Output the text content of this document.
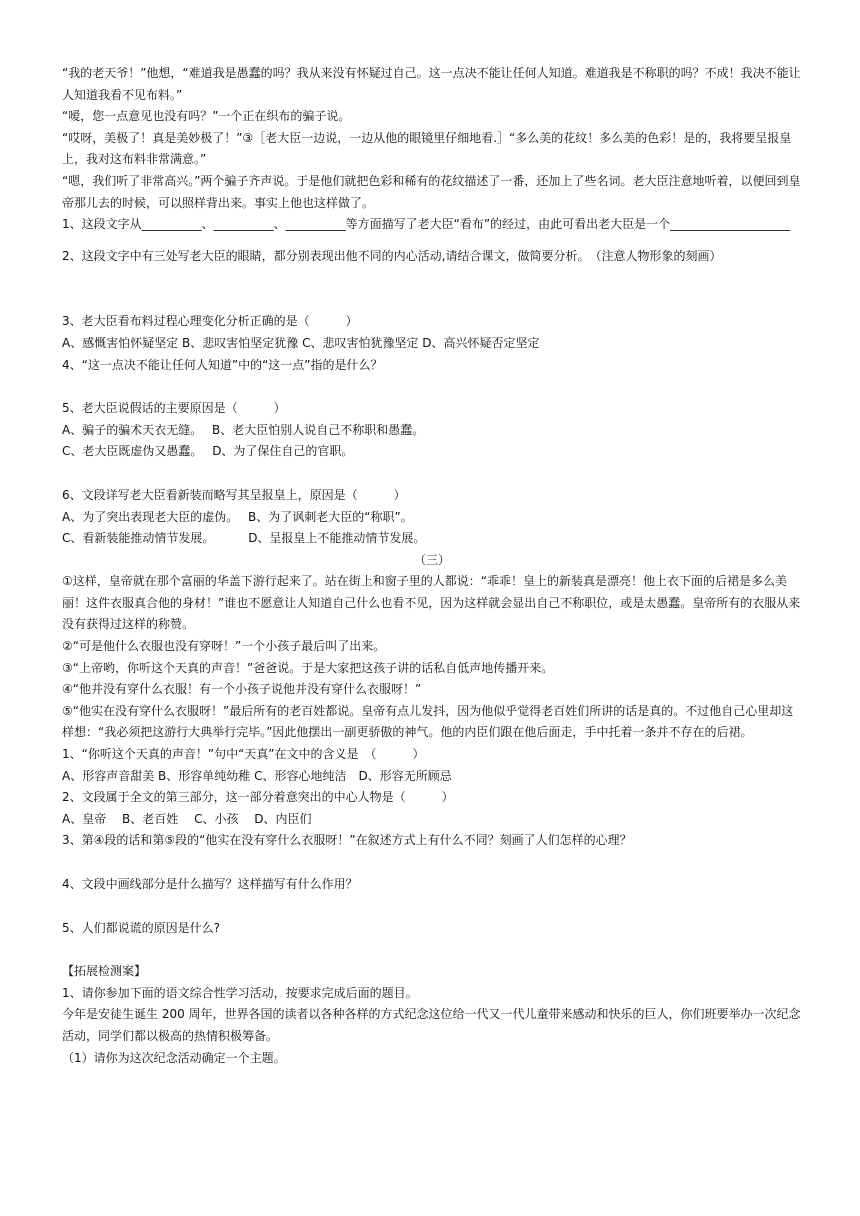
“我的老天爷！”他想，“难道我是愚蠢的吗？我从来没有怀疑过自己。这一点决不能让任何人知道。难道我是不称职的吗？不成！我决不能让人知道我看不见布料。”

“嗳，您一点意见也没有吗？”一个正在织布的骗子说。

“哎呀，美极了！真是美妙极了！”③［老大臣一边说，一边从他的眼镜里仔细地看.］“多么美的花纹！多么美的色彩！是的，我将要呈报皇上，我对这布料非常满意。”

“嗯，我们听了非常高兴。”两个骗子齐声说。于是他们就把色彩和稀有的花纹描述了一番，还加上了些名词。老大臣注意地听着，以便回到皇帝那儿去的时候，可以照样背出来。事实上他也这样做了。

1、这段文字从__________、__________、__________等方面描写了老大臣“看布”的经过，由此可看出老大臣是一个____________________

2、这段文字中有三处写老大臣的眼睛，都分别表现出他不同的内心活动,请结合课文，做简要分析。　（注意人物形象的刻画）

3、老大臣看布料过程心理变化分析正确的是（　　　）

A、感慨害怕怀疑坚定 B、悲叹害怕坚定犹豫 C、悲叹害怕犹豫坚定 D、高兴怀疑否定坚定

4、“这一点决不能让任何人知道”中的“这一点”指的是什么？

5、老大臣说假话的主要原因是（　　　）

A、骗子的骗术天衣无缝。　 B、老大臣怕别人说自己不称职和愚蠢。

C、老大臣既虚伪又愚蠢。　 D、为了保住自己的官职。

6、文段详写老大臣看新装而略写其呈报皇上，原因是（　　　）

A、为了突出表现老大臣的虚伪。　 B、为了讽刺老大臣的“称职”。

C、看新装能推动情节发展。　　　 D、呈报皇上不能推动情节发展。

（三）

①这样，皇帝就在那个富丽的华盖下游行起来了。站在街上和窗子里的人都说：“乖乖！皇上的新装真是漂亮！他上衣下面的后裙是多么美丽！这件衣服真合他的身材！”谁也不愿意让人知道自己什么也看不见，因为这样就会显出自己不称职位，或是太愚蠢。皇帝所有的衣服从来没有获得过这样的称赞。

②“可是他什么衣服也没有穿呀！”一个小孩子最后叫了出来。

③“上帝哟，你听这个天真的声音！”爸爸说。于是大家把这孩子讲的话私自低声地传播开来。

④“他并没有穿什么衣服！有一个小孩子说他并没有穿什么衣服呀！”

⑤“他实在没有穿什么衣服呀！”最后所有的老百姓都说。皇帝有点儿发抖，因为他似乎觉得老百姓们所讲的话是真的。不过他自己心里却这样想：“我必须把这游行大典举行完毕。”因此他摆出一副更骄傲的神气。他的内臣们跟在他后面走，手中托着一条并不存在的后裙。

1、“你听这个天真的声音！”句中“天真”在文中的含义是　（　　　）

A、形容声音甜美 B、形容单纯幼稚 C、形容心地纯洁　D、形容无所顾忌

2、文段属于全文的第三部分，这一部分着意突出的中心人物是（　　　）

A、皇帝　 B、老百姓　 C、小孩　 D、内臣们

3、第④段的话和第⑤段的“他实在没有穿什么衣服呀！”在叙述方式上有什么不同？刻画了人们怎样的心理？

4、文段中画线部分是什么描写？这样描写有什么作用？

5、人们都说谎的原因是什么?

【拓展检测案】

1、请你参加下面的语文综合性学习活动，按要求完成后面的题目。

今年是安徒生诞生 200 周年，世界各国的读者以各种各样的方式纪念这位给一代又一代儿童带来感动和快乐的巨人，你们班要举办一次纪念活动，同学们都以极高的热情积极筹备。

（1）请你为这次纪念活动确定一个主题。
